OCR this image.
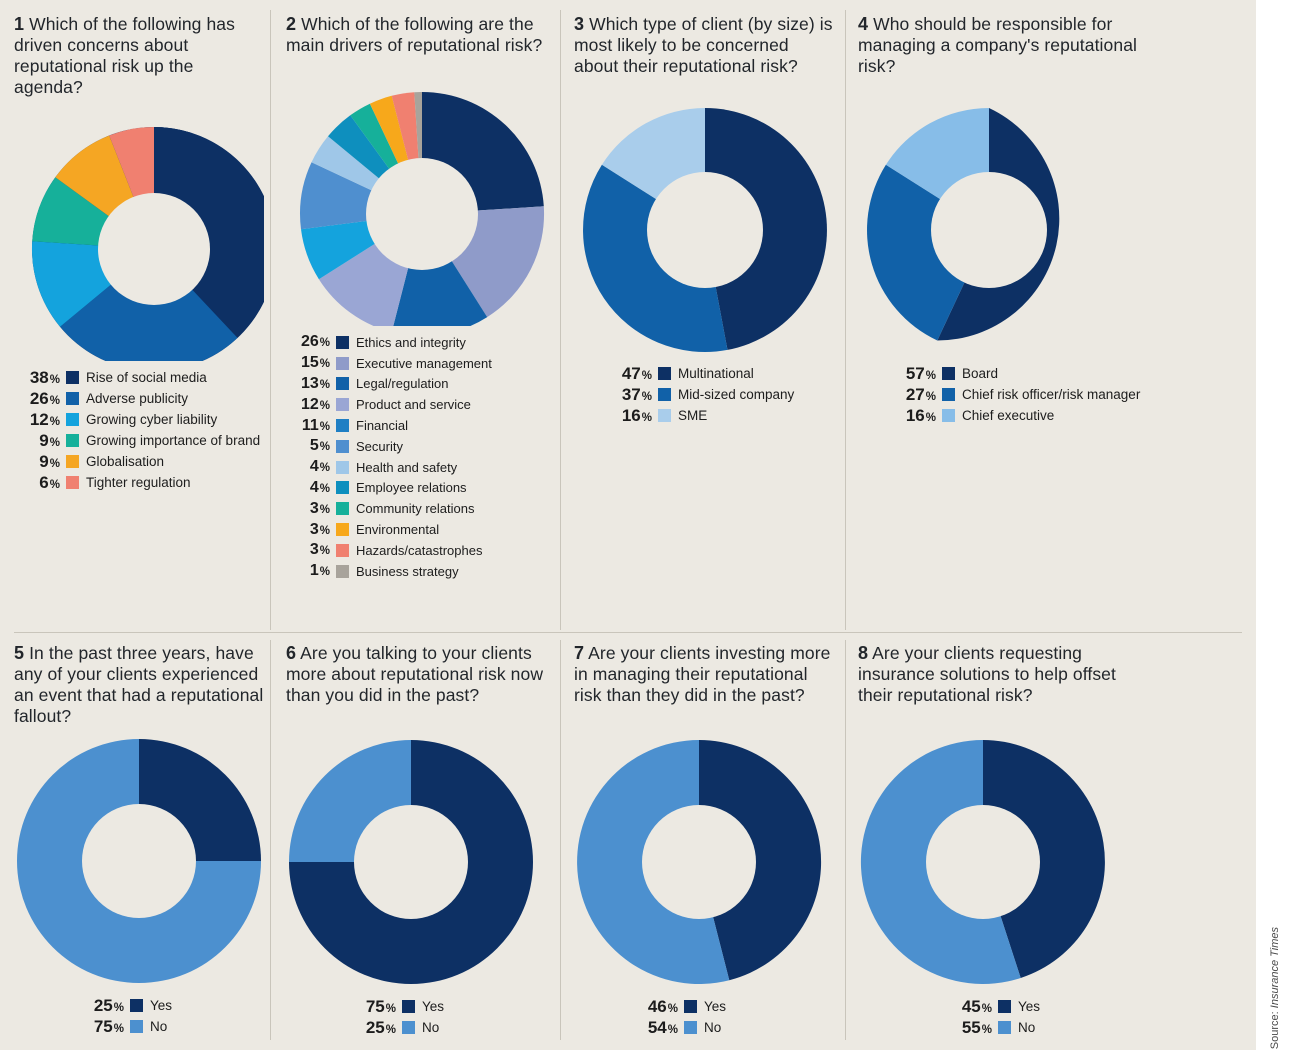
1 Which of the following has driven concerns about reputational risk up the agenda?

38%	Rise of social media
26%	Adverse publicity
12%	Growing cyber liability
9%	Growing importance of brand
9%	Globalisation
6%	Tighter regulation

2 Which of the following are the main drivers of reputational risk?

26%	Ethics and integrity
15%	Executive management
13%	Legal/regulation
12%	Product and service
11%	Financial
5%	Security
4%	Health and safety
4%	Employee relations
3%	Community relations
3%	Environmental
3%	Hazards/catastrophes
1%	Business strategy

3 Which type of client (by size) is most likely to be concerned about their reputational risk?

47%	Multinational
37%	Mid-sized company
16%	SME

4 Who should be responsible for managing a company's reputational risk?

57%	Board
27%	Chief risk officer/risk manager
16%	Chief executive

5 In the past three years, have any of your clients experienced an event that had a reputational fallout?

25%	Yes
75%	No

6 Are you talking to your clients more about reputational risk now than you did in the past?

75%	Yes
25%	No

7 Are your clients investing more in managing their reputational risk than they did in the past?

46%	Yes
54%	No

8 Are your clients requesting insurance solutions to help offset their reputational risk?

45%	Yes
55%	No	Source: Insurance Times
